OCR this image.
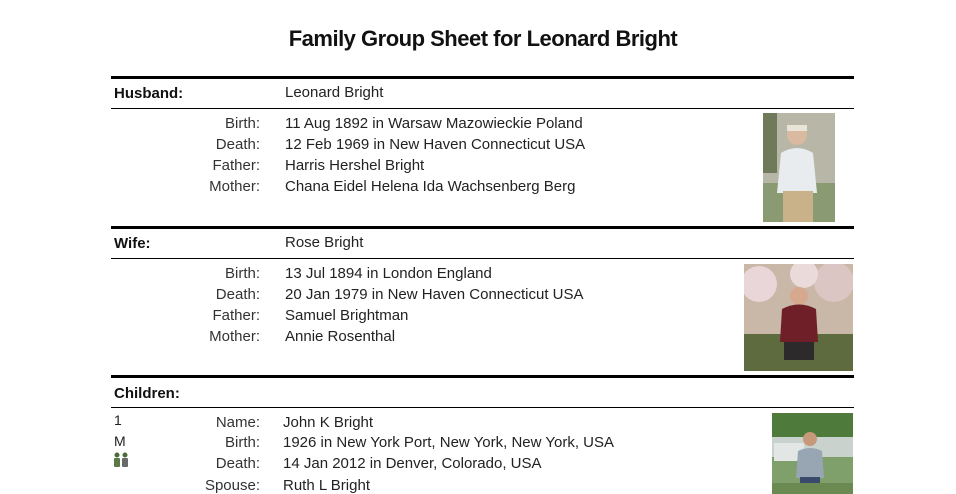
Family Group Sheet for Leonard Bright
Husband:	Leonard Bright
Birth: 11 Aug 1892 in Warsaw Mazowieckie Poland
Death: 12 Feb 1969 in New Haven Connecticut USA
Father: Harris Hershel Bright
Mother: Chana Eidel Helena Ida Wachsenberg Berg
Wife:	Rose Bright
Birth: 13 Jul 1894 in London England
Death: 20 Jan 1979 in New Haven Connecticut USA
Father: Samuel Brightman
Mother: Annie Rosenthal
Children:
1
M
Name: John K Bright
Birth: 1926 in New York Port, New York, New York, USA
Death: 14 Jan 2012 in Denver, Colorado, USA
Spouse: Ruth L Bright
